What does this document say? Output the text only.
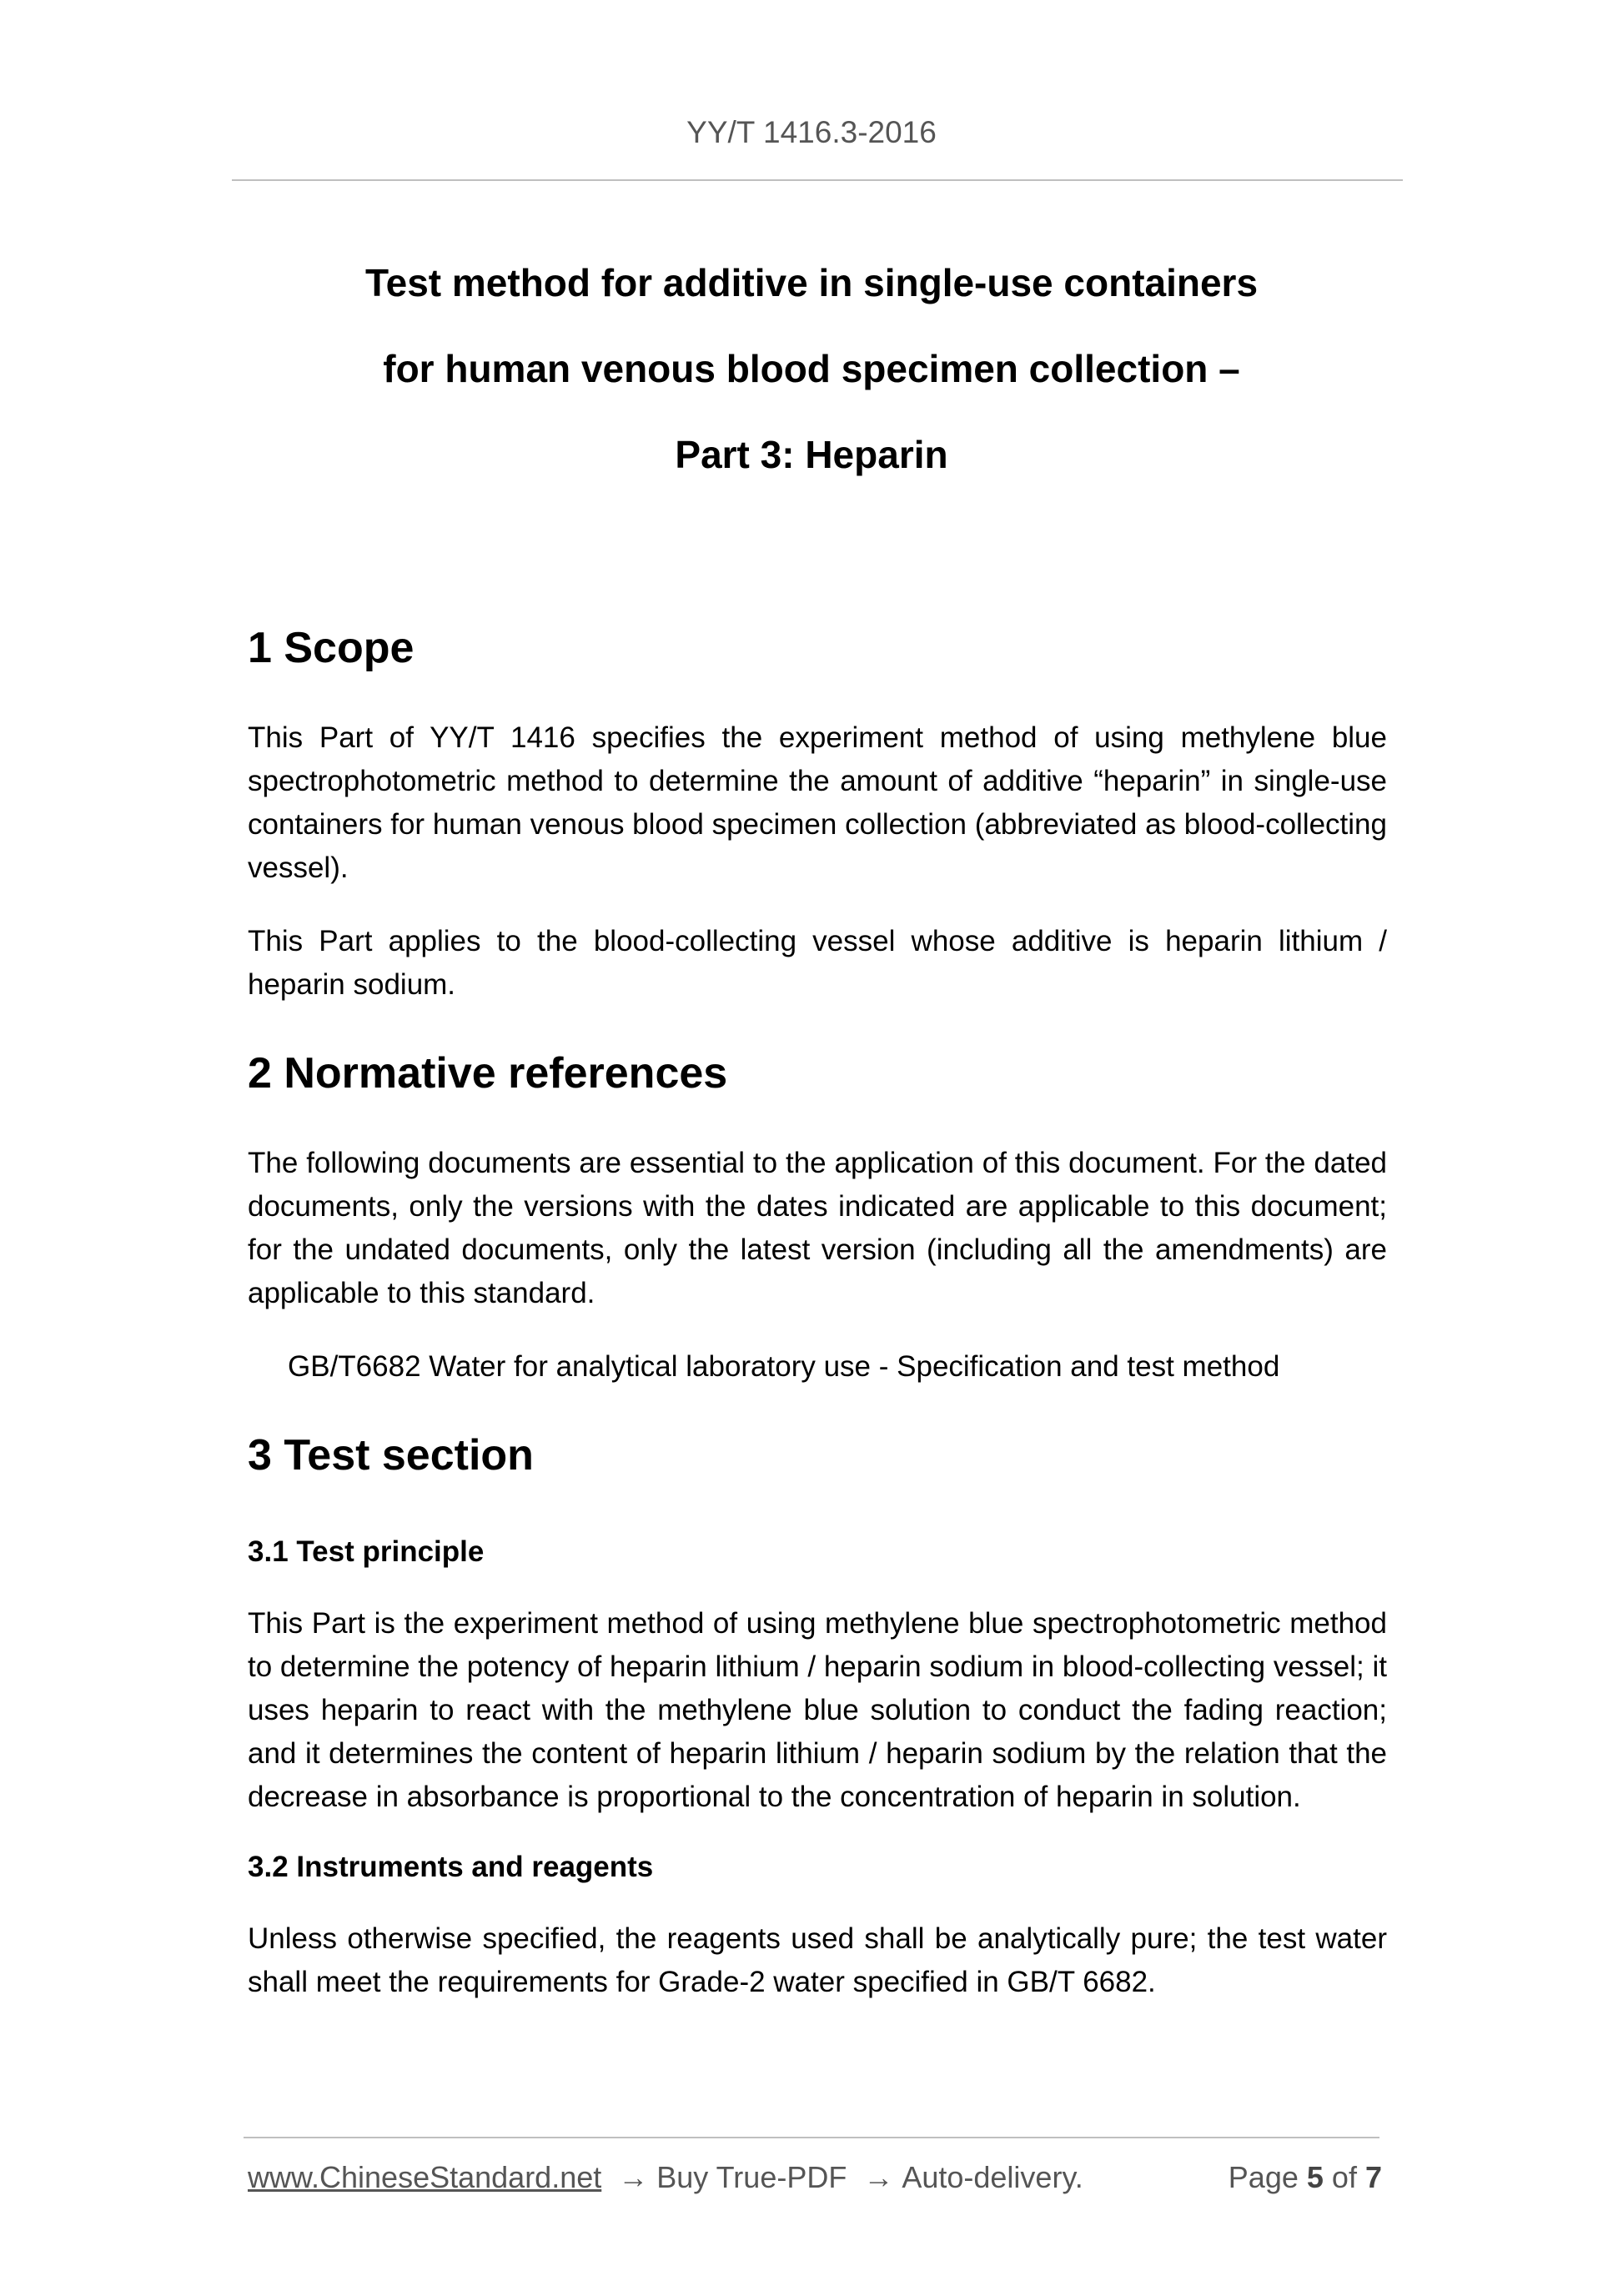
YY/T 1416.3-2016
Test method for additive in single-use containers
for human venous blood specimen collection –
Part 3: Heparin
1 Scope

This Part of YY/T 1416 specifies the experiment method of using methylene blue spectrophotometric method to determine the amount of additive “heparin” in single-use containers for human venous blood specimen collection (abbreviated as blood-collecting vessel).

This Part applies to the blood-collecting vessel whose additive is heparin lithium / heparin sodium.

2 Normative references

The following documents are essential to the application of this document. For the dated documents, only the versions with the dates indicated are applicable to this document; for the undated documents, only the latest version (including all the amendments) are applicable to this standard.

GB/T6682 Water for analytical laboratory use - Specification and test method

3 Test section
3.1 Test principle

This Part is the experiment method of using methylene blue spectrophotometric method to determine the potency of heparin lithium / heparin sodium in blood-collecting vessel; it uses heparin to react with the methylene blue solution to conduct the fading reaction; and it determines the content of heparin lithium / heparin sodium by the relation that the decrease in absorbance is proportional to the concentration of heparin in solution.

3.2 Instruments and reagents

Unless otherwise specified, the reagents used shall be analytically pure; the test water shall meet the requirements for Grade-2 water specified in GB/T 6682.

www.ChineseStandard.net → Buy True-PDF → Auto-delivery.	Page 5 of 7
